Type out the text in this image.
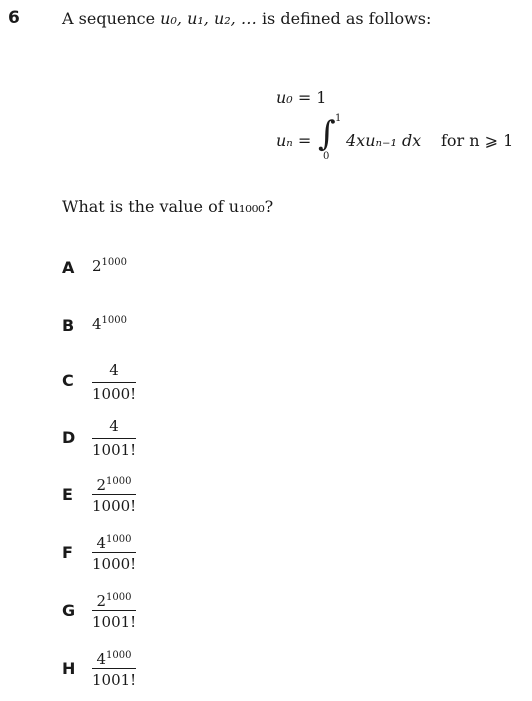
6	A sequence u₀, u₁, u₂, … is defined as follows:
u₀ = 1
uₙ = ∫ 1
0
4xuₙ₋₁ dx for n ⩾ 1
What is the value of u₁₀₀₀?
A $2^{1000}$
B $4^{1000}$
C
4
1000!
D
4
1001!
E	$2^{1000}$
1000!
F	$4^{1000}$
1000!
G	$2^{1000}$
1001!
H	$4^{1000}$
1001!
